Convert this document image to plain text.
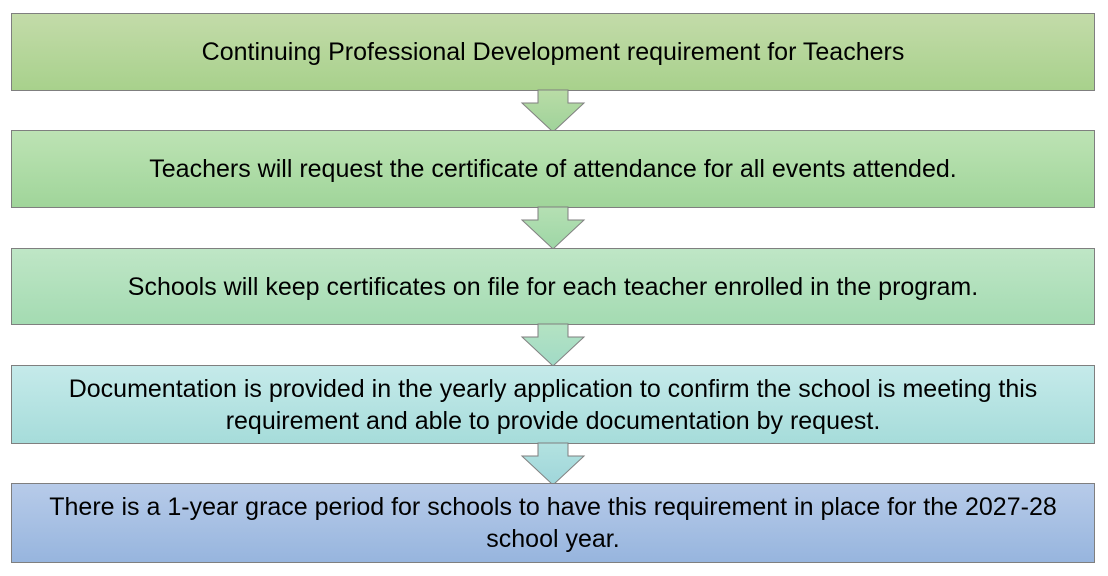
Continuing Professional Development requirement for Teachers
Teachers will request the certificate of attendance for all events attended.
Schools will keep certificates on file for each teacher enrolled in the program.
Documentation is provided in the yearly application to confirm the school is meeting this requirement and able to provide documentation by request.
There is a 1-year grace period for schools to have this requirement in place for the 2027-28 school year.
